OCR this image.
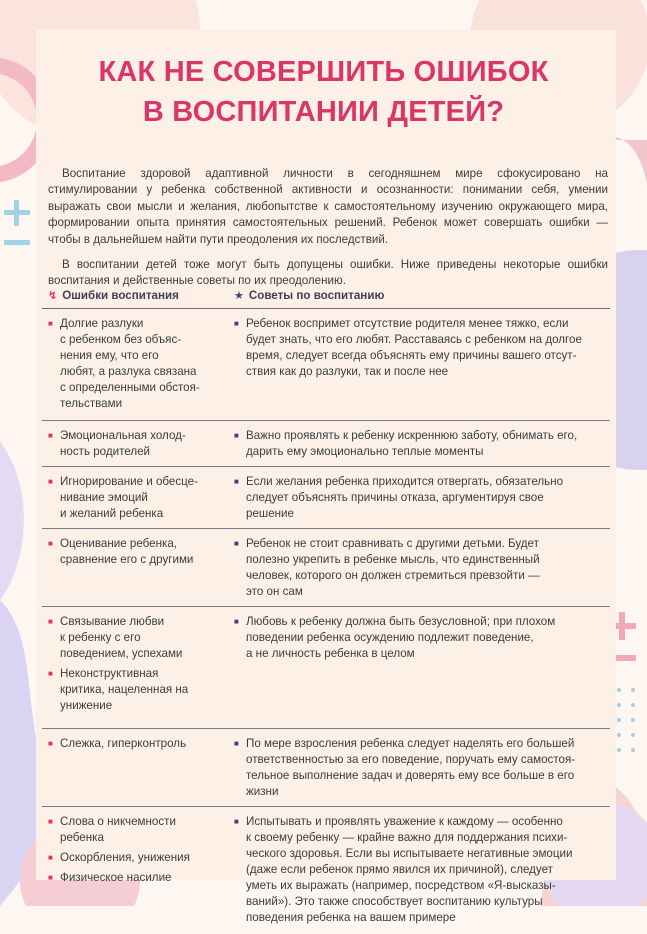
КАК НЕ СОВЕРШИТЬ ОШИБОК
В ВОСПИТАНИИ ДЕТЕЙ?

Воспитание здоровой адаптивной личности в сегодняшнем мире сфокусировано на стимулировании у ребенка собственной активности и осознанности: понимании себя, умении выражать свои мысли и желания, любопытстве к самостоятельному изучению окружающего мира, формировании опыта принятия самостоятельных решений. Ребенок может совершать ошибки — чтобы в дальнейшем найти пути преодоления их последствий.

В воспитании детей тоже могут быть допущены ошибки. Ниже приведены некоторые ошибки воспитания и действенные советы по их преодолению.

↯ Ошибки воспитания	★ Советы по воспитанию
■ Долгие разлуки
с ребенком без объяс-
нения ему, что его
любят, а разлука связана
с определенными обстоя-
тельствами
■ Ребенок воспримет отсутствие родителя менее тяжко, если
будет знать, что его любят. Расставаясь с ребенком на долгое
время, следует всегда объяснять ему причины вашего отсут-
ствия как до разлуки, так и после нее
■ Эмоциональная холод-
ность родителей
■ Важно проявлять к ребенку искреннюю заботу, обнимать его,
дарить ему эмоционально теплые моменты
■ Игнорирование и обесце-
нивание эмоций
и желаний ребенка
■ Если желания ребенка приходится отвергать, обязательно
следует объяснять причины отказа, аргументируя свое
решение
■ Оценивание ребенка,
сравнение его с другими
■ Ребенок не стоит сравнивать с другими детьми. Будет
полезно укрепить в ребенке мысль, что единственный
человек, которого он должен стремиться превзойти —
это он сам
■ Связывание любви
к ребенку с его
поведением, успехами
■ Неконструктивная
критика, нацеленная на
унижение
■ Любовь к ребенку должна быть безусловной; при плохом
поведении ребенка осуждению подлежит поведение,
а не личность ребенка в целом
■ Слежка, гиперконтроль	■ По мере взросления ребенка следует наделять его большей
ответственностью за его поведение, поручать ему самостоя-
тельное выполнение задач и доверять ему все больше в его
жизни
■ Слова о никчемности
ребенка
■ Оскорбления, унижения
■ Физическое насилие
■ Испытывать и проявлять уважение к каждому — особенно
к своему ребенку — крайне важно для поддержания психи-
ческого здоровья. Если вы испытываете негативные эмоции
(даже если ребенок прямо явился их причиной), следует
уметь их выражать (например, посредством «Я-высказы-
ваний»). Это также способствует воспитанию культуры
поведения ребенка на вашем примере
